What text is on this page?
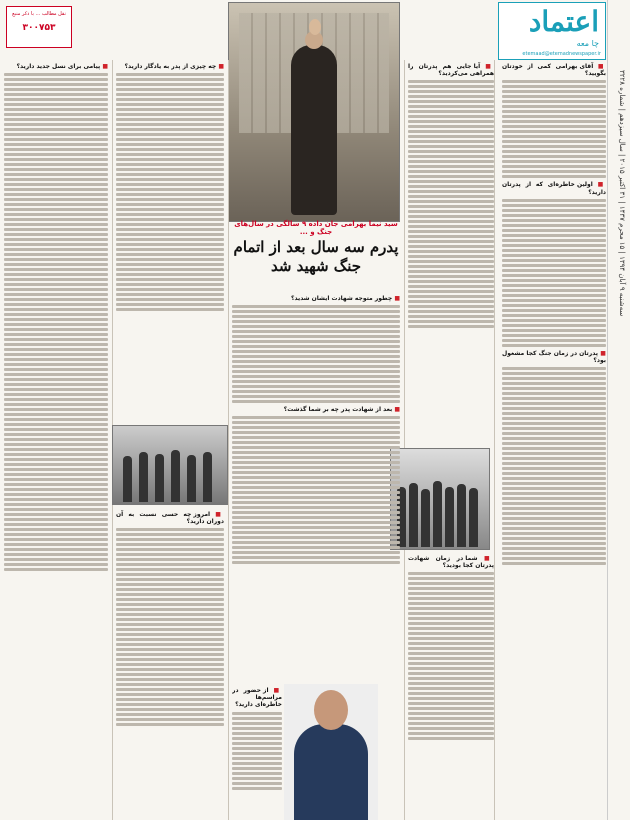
سه‌شنبه ۹ آبان ۱۳۹۴ | ۱۵ محرم ۱۴۳۷ | ۳۱ اکتبر ۲۰۱۵ | سال سیزدهم | شماره ۳۲۲۸
اعتماد
چا معه
etemaad@etemadnewspaper.ir
نقل مطالب ... با ذکر منبع
۳۰۰۷۵۳
سید نیما بهرامی جان داده ۹ سالگی در سال‌های جنگ و ...
پدرم سه سال بعد از اتمام جنگ شهید شد
■ آقای بهرامی کمی از خودتان بگویید؟
■ اولین خاطره‌ای که از پدرتان دارید؟
■ پدرتان در زمان جنگ کجا مشغول بود؟
■ آیا جایی هم پدرتان را همراهی می‌کردید؟
■ شما در زمان شهادت پدرتان کجا بودید؟
■ چطور متوجه شهادت ایشان شدید؟
■ بعد از شهادت پدر چه بر شما گذشت؟
■ از حضور در مراسم‌ها خاطره‌ای دارید؟
■ چه چیزی از پدر به یادگار دارید؟
■ امروز چه حسی نسبت به آن دوران دارید؟
■ پیامی برای نسل جدید دارید؟
